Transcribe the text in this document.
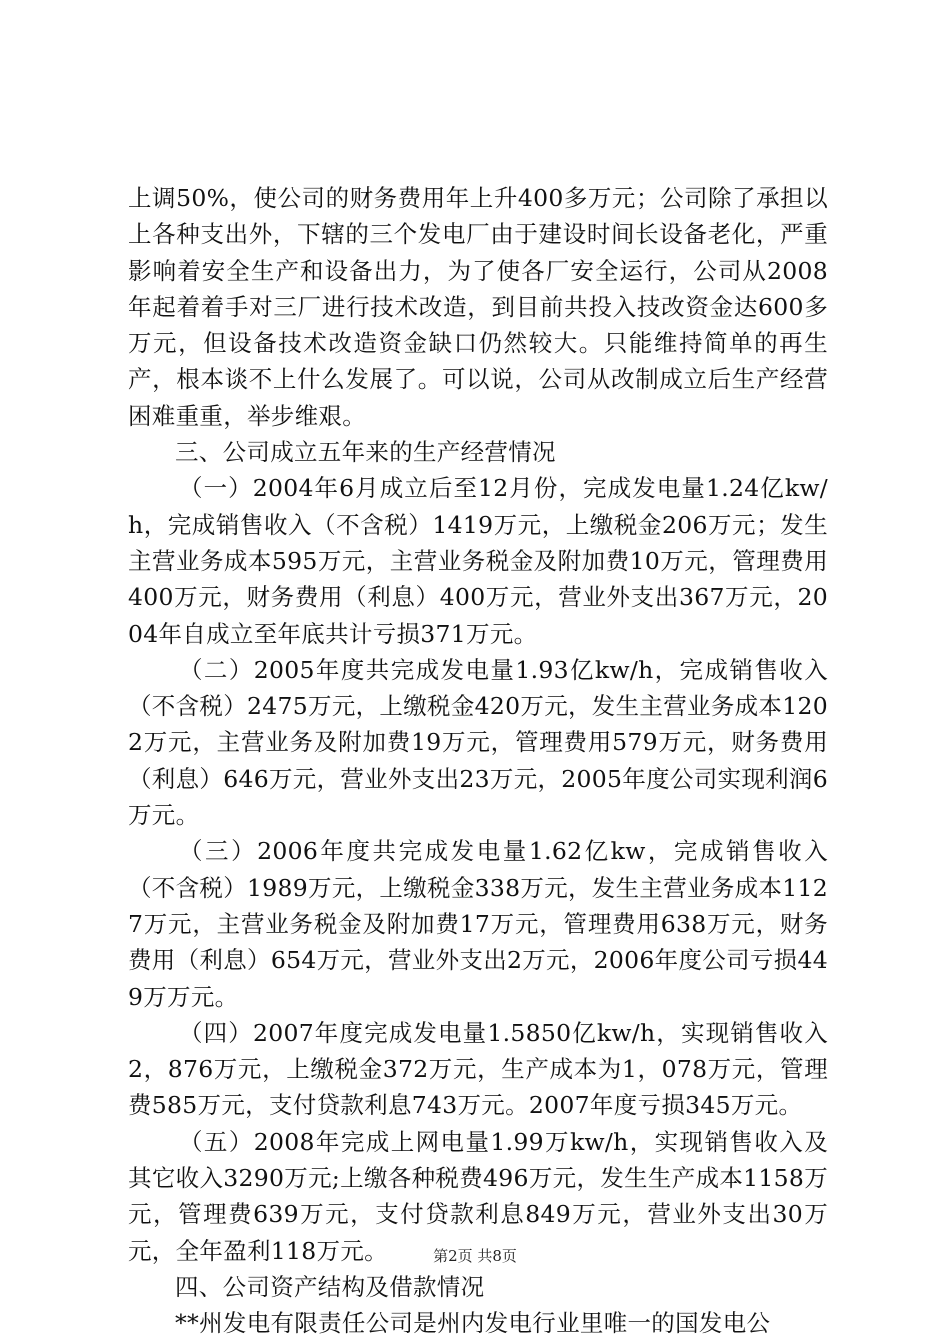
上调50%，使公司的财务费用年上升400多万元；公司除了承担以上各种支出外，下辖的三个发电厂由于建设时间长设备老化，严重影响着安全生产和设备出力，为了使各厂安全运行，公司从2008年起着着手对三厂进行技术改造，到目前共投入技改资金达600多万元，但设备技术改造资金缺口仍然较大。只能维持简单的再生产，根本谈不上什么发展了。可以说，公司从改制成立后生产经营困难重重，举步维艰。

三、公司成立五年来的生产经营情况

（一）2004年6月成立后至12月份，完成发电量1.24亿kw/h，完成销售收入（不含税）1419万元，上缴税金206万元；发生主营业务成本595万元，主营业务税金及附加费10万元，管理费用400万元，财务费用（利息）400万元，营业外支出367万元，2004年自成立至年底共计亏损371万元。

（二）2005年度共完成发电量1.93亿kw/h，完成销售收入（不含税）2475万元，上缴税金420万元，发生主营业务成本1202万元，主营业务及附加费19万元，管理费用579万元，财务费用（利息）646万元，营业外支出23万元，2005年度公司实现利润6万元。

（三）2006年度共完成发电量1.62亿kw，完成销售收入（不含税）1989万元，上缴税金338万元，发生主营业务成本1127万元，主营业务税金及附加费17万元，管理费用638万元，财务费用（利息）654万元，营业外支出2万元，2006年度公司亏损449万万元。

（四）2007年度完成发电量1.5850亿kw/h，实现销售收入2，876万元，上缴税金372万元，生产成本为1，078万元，管理费585万元，支付贷款利息743万元。2007年度亏损345万元。

（五）2008年完成上网电量1.99万kw/h，实现销售收入及其它收入3290万元;上缴各种税费496万元，发生生产成本1158万元，管理费639万元，支付贷款利息849万元，营业外支出30万元，全年盈利118万元。

四、公司资产结构及借款情况

**州发电有限责任公司是州内发电行业里唯一的国发电公

第2页 共8页
